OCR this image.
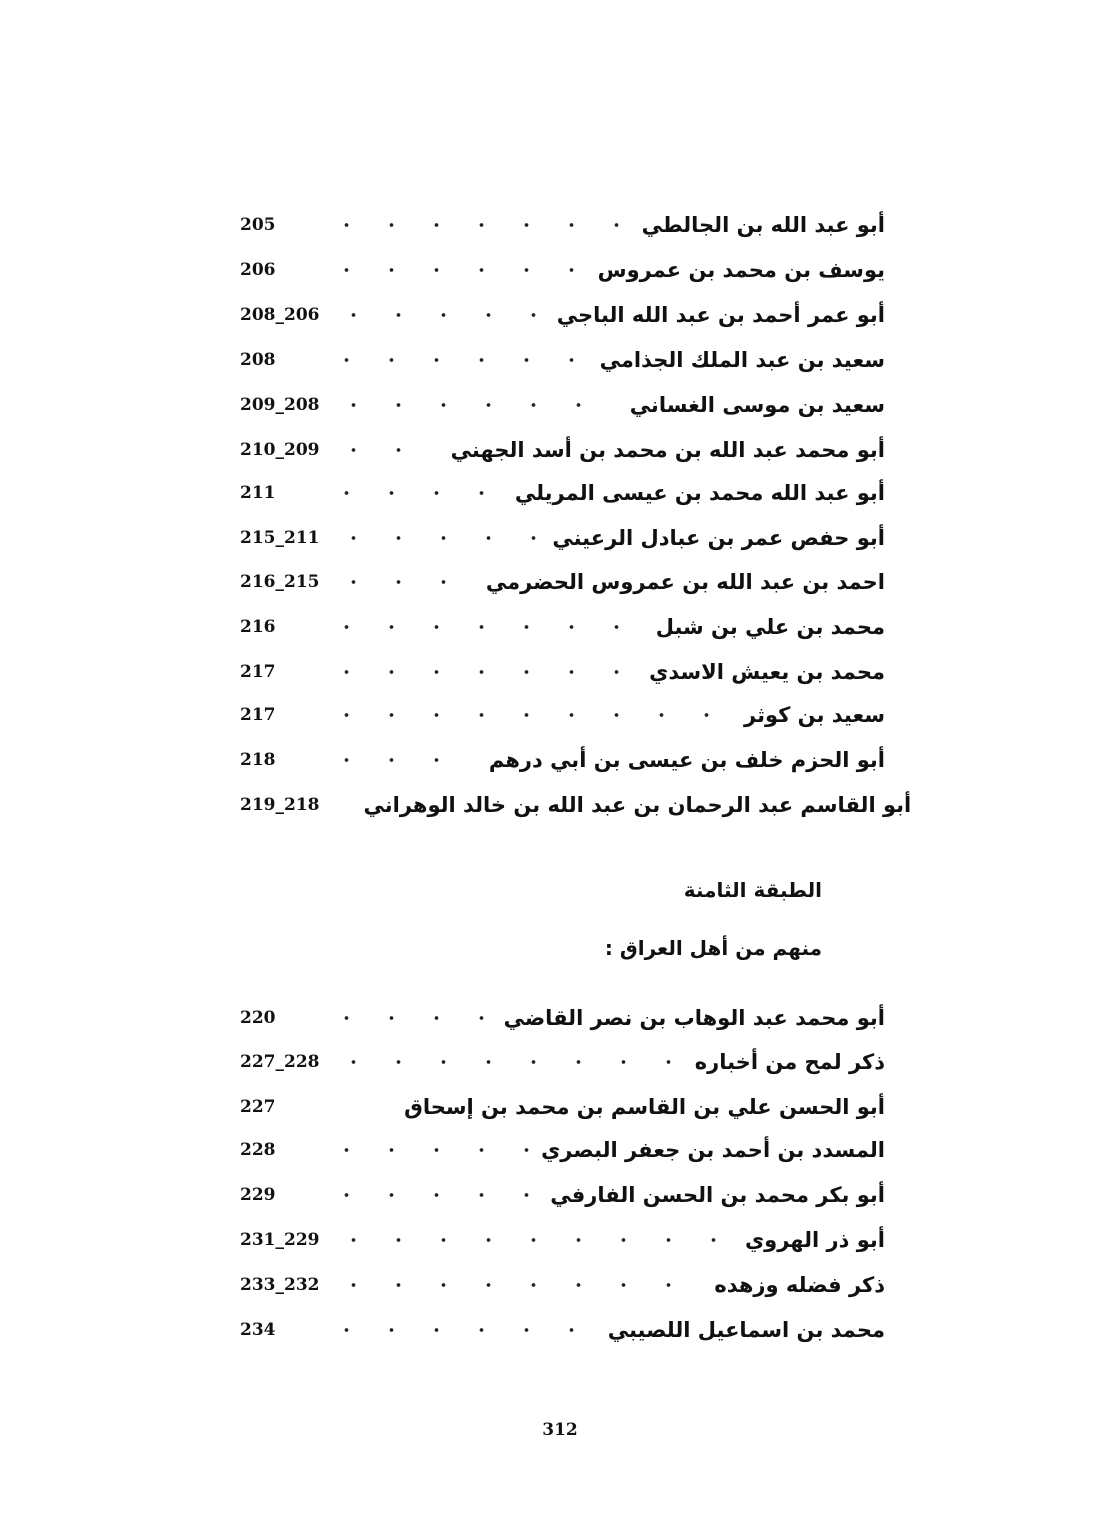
أبو عبد الله بن الجالطي
205
يوسف بن محمد بن عمروس
206
أبو عمر أحمد بن عبد الله الباجي
208_206
سعيد بن عبد الملك الجذامي
208
سعيد بن موسى الغساني
209_208
أبو محمد عبد الله بن محمد بن أسد الجهني
210_209
أبو عبد الله محمد بن عيسى المريلي
211
أبو حفص عمر بن عبادل الرعيني
215_211
احمد بن عبد الله بن عمروس الحضرمي
216_215
محمد بن علي بن شبل
216
محمد بن يعيش الاسدي
217
سعيد بن كوثر
217
أبو الحزم خلف بن عيسى بن أبي درهم
218
أبو القاسم عبد الرحمان بن عبد الله بن خالد الوهراني
219_218
الطبقة الثامنة
منهم من أهل العراق :
أبو محمد عبد الوهاب بن نصر القاضي
220
ذكر لمح من أخباره
227_228
أبو الحسن علي بن القاسم بن محمد بن إسحاق
227
المسدد بن أحمد بن جعفر البصري
228
أبو بكر محمد بن الحسن الفارفي
229
أبو ذر الهروي
231_229
ذكر فضله وزهده
233_232
محمد بن اسماعيل اللصيبي
234
312
